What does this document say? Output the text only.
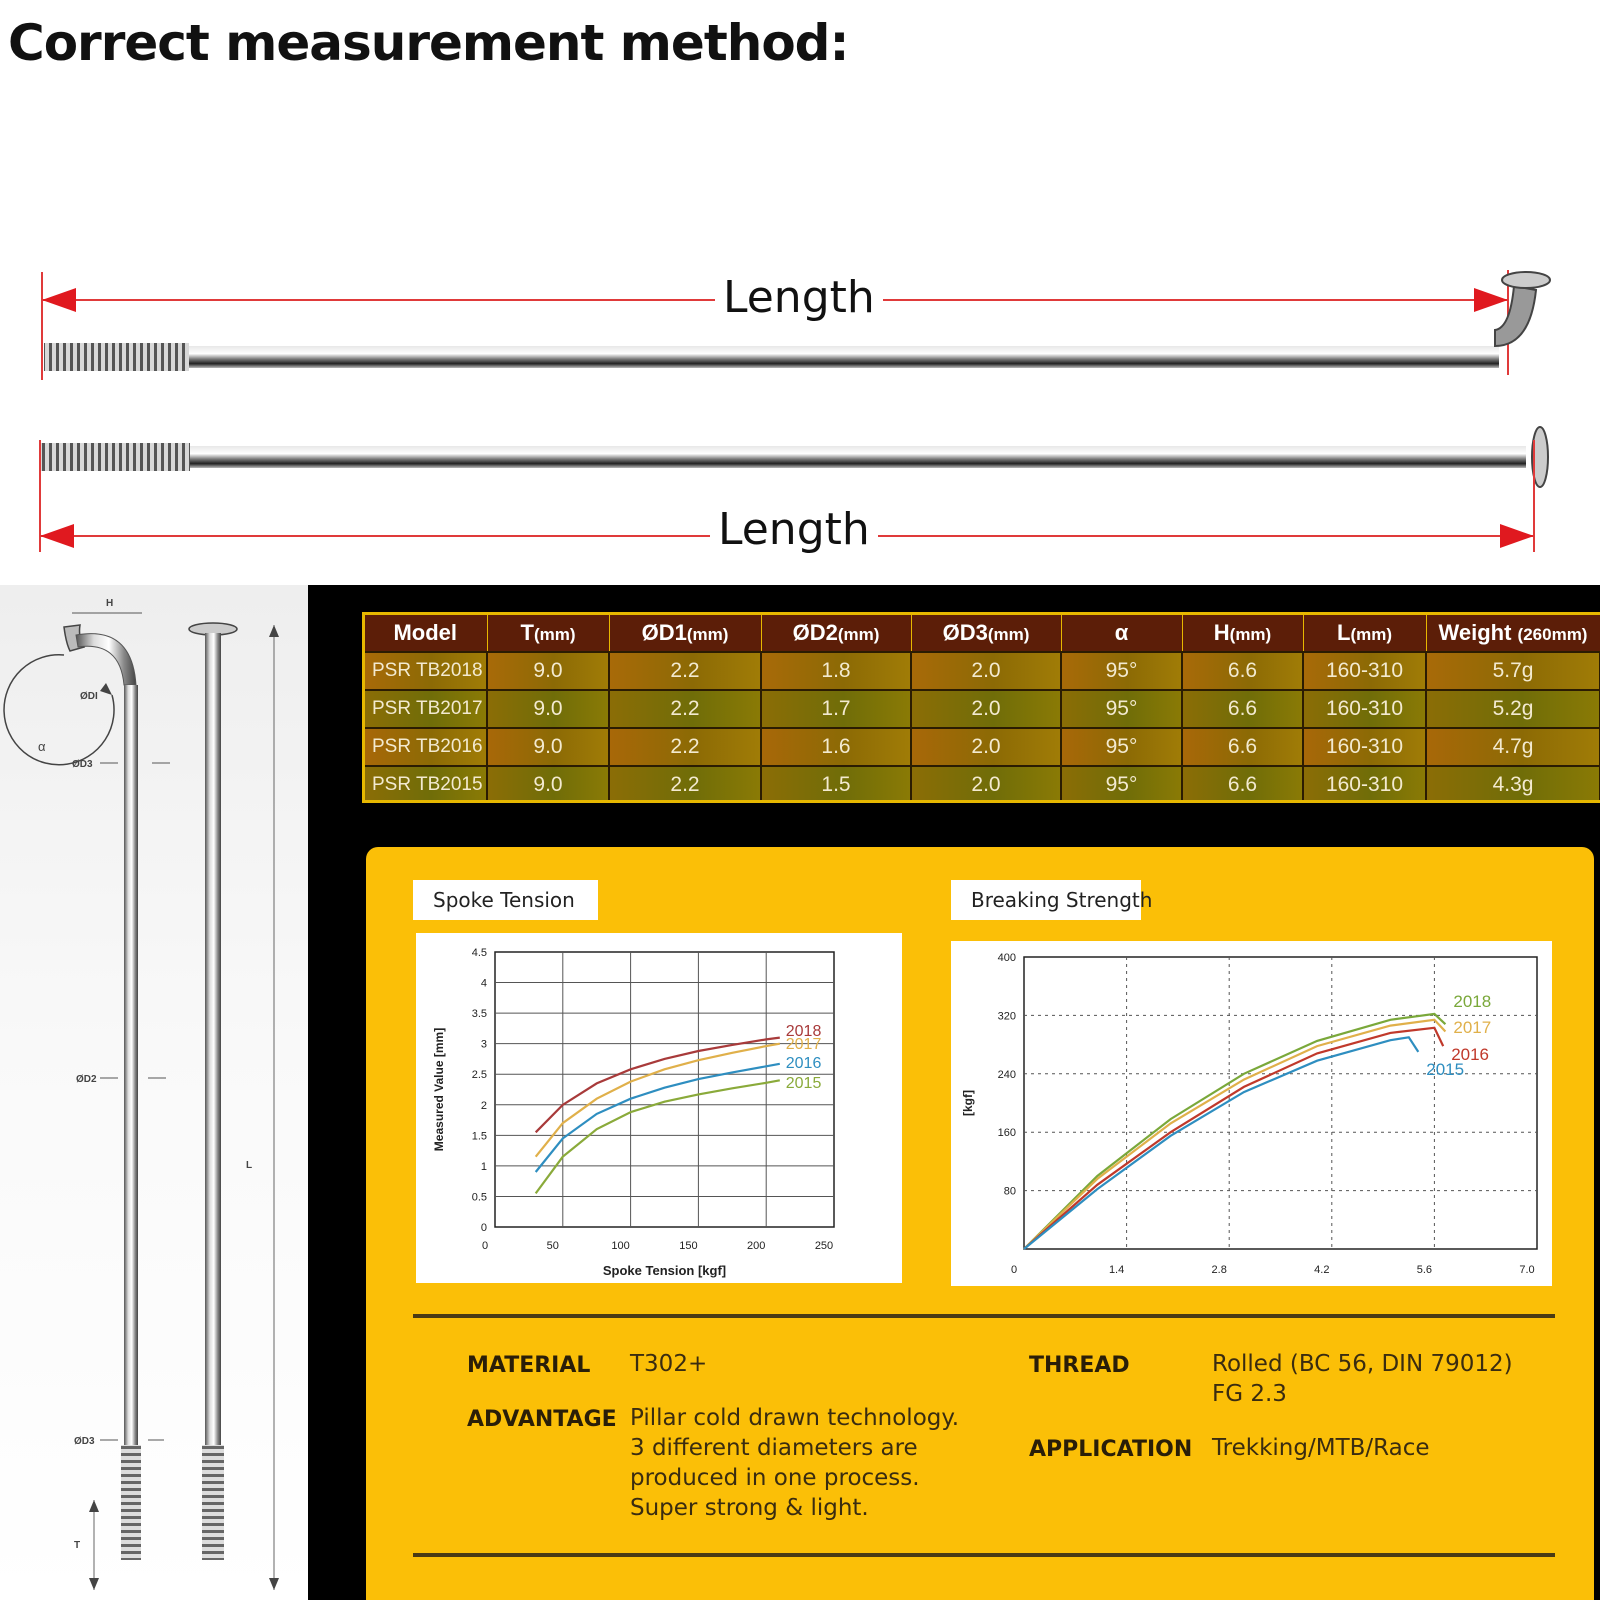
Correct measurement method:
Length
Length
H
ØDI
α
ØD3
ØD2
L
ØD3
T
Model	T(mm)	ØD1(mm)	ØD2(mm)	ØD3(mm)	α	H(mm)	L(mm)	Weight (260mm)
PSR TB2018	9.0	2.2	1.8	2.0	95°	6.6	160-310	5.7g
PSR TB2017	9.0	2.2	1.7	2.0	95°	6.6	160-310	5.2g
PSR TB2016	9.0	2.2	1.6	2.0	95°	6.6	160-310	4.7g
PSR TB2015	9.0	2.2	1.5	2.0	95°	6.6	160-310	4.3g
Spoke Tension	Breaking Strength
0	50	100	150	200	250
0
0.5
1
1.5
2
2.5
3
3.5
4
4.5
2018
2017
2016
2015
Spoke Tension [kgf]
Measured Value [mm]
0	1.4	2.8	4.2	5.6	7.0
80
160
240
320
400
2018
2017
2016
2015
[kgf]
MATERIAL T302+
ADVANTAGE Pillar cold drawn technology.
3 different diameters are
produced in one process.
Super strong & light.
THREAD	Rolled (BC 56, DIN 79012)
FG 2.3
APPLICATION Trekking/MTB/Race
